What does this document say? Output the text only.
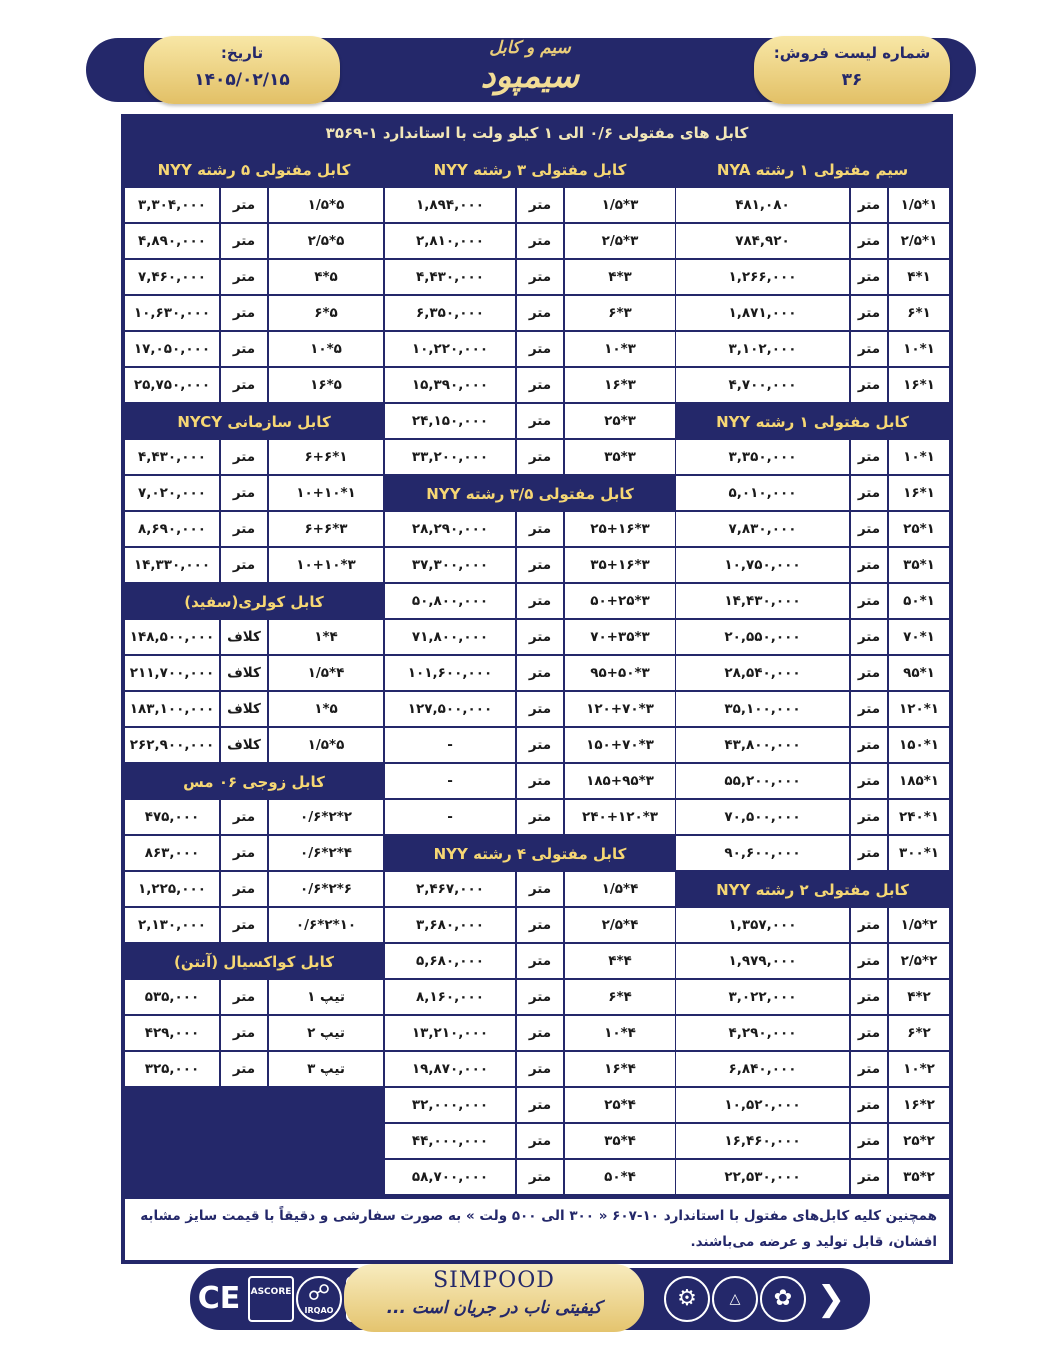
تاریخ:
۱۴۰۵/۰۲/۱۵
سیم و کابل
سیمپود
شماره لیست فروش:
۳۶
کابل های مفتولی ۰/۶ الی ۱ کیلو ولت با استاندارد ۱-۳۵۶۹
سیم مفتولی ۱ رشته NYA
۱*۱/۵
متر
۴۸۱,۰۸۰
۱*۲/۵
متر
۷۸۴,۹۲۰
۱*۴
متر
۱,۲۶۶,۰۰۰
۱*۶
متر
۱,۸۷۱,۰۰۰
۱*۱۰
متر
۳,۱۰۲,۰۰۰
۱*۱۶
متر
۴,۷۰۰,۰۰۰
کابل مفتولی ۱ رشته NYY
۱*۱۰
متر
۳,۳۵۰,۰۰۰
۱*۱۶
متر
۵,۰۱۰,۰۰۰
۱*۲۵
متر
۷,۸۳۰,۰۰۰
۱*۳۵
متر
۱۰,۷۵۰,۰۰۰
۱*۵۰
متر
۱۴,۴۳۰,۰۰۰
۱*۷۰
متر
۲۰,۵۵۰,۰۰۰
۱*۹۵
متر
۲۸,۵۴۰,۰۰۰
۱*۱۲۰
متر
۳۵,۱۰۰,۰۰۰
۱*۱۵۰
متر
۴۳,۸۰۰,۰۰۰
۱*۱۸۵
متر
۵۵,۲۰۰,۰۰۰
۱*۲۴۰
متر
۷۰,۵۰۰,۰۰۰
۱*۳۰۰
متر
۹۰,۶۰۰,۰۰۰
کابل مفتولی ۲ رشته NYY
۲*۱/۵
متر
۱,۳۵۷,۰۰۰
۲*۲/۵
متر
۱,۹۷۹,۰۰۰
۲*۴
متر
۳,۰۲۲,۰۰۰
۲*۶
متر
۴,۲۹۰,۰۰۰
۲*۱۰
متر
۶,۸۴۰,۰۰۰
۲*۱۶
متر
۱۰,۵۲۰,۰۰۰
۲*۲۵
متر
۱۶,۴۶۰,۰۰۰
۲*۳۵
متر
۲۲,۵۳۰,۰۰۰
کابل مفتولی ۳ رشته NYY
۳*۱/۵
متر
۱,۸۹۴,۰۰۰
۳*۲/۵
متر
۲,۸۱۰,۰۰۰
۳*۴
متر
۴,۴۳۰,۰۰۰
۳*۶
متر
۶,۳۵۰,۰۰۰
۳*۱۰
متر
۱۰,۲۲۰,۰۰۰
۳*۱۶
متر
۱۵,۳۹۰,۰۰۰
۳*۲۵
متر
۲۴,۱۵۰,۰۰۰
۳*۳۵
متر
۳۳,۲۰۰,۰۰۰
کابل مفتولی ۳/۵ رشته NYY
۳*۲۵+۱۶
متر
۲۸,۲۹۰,۰۰۰
۳*۳۵+۱۶
متر
۳۷,۳۰۰,۰۰۰
۳*۵۰+۲۵
متر
۵۰,۸۰۰,۰۰۰
۳*۷۰+۳۵
متر
۷۱,۸۰۰,۰۰۰
۳*۹۵+۵۰
متر
۱۰۱,۶۰۰,۰۰۰
۳*۱۲۰+۷۰
متر
۱۲۷,۵۰۰,۰۰۰
۳*۱۵۰+۷۰
متر
-
۳*۱۸۵+۹۵
متر
-
۳*۲۴۰+۱۲۰
متر
-
کابل مفتولی ۴ رشته NYY
۴*۱/۵
متر
۲,۴۶۷,۰۰۰
۴*۲/۵
متر
۳,۶۸۰,۰۰۰
۴*۴
متر
۵,۶۸۰,۰۰۰
۴*۶
متر
۸,۱۶۰,۰۰۰
۴*۱۰
متر
۱۳,۲۱۰,۰۰۰
۴*۱۶
متر
۱۹,۸۷۰,۰۰۰
۴*۲۵
متر
۳۲,۰۰۰,۰۰۰
۴*۳۵
متر
۴۴,۰۰۰,۰۰۰
۴*۵۰
متر
۵۸,۷۰۰,۰۰۰
کابل مفتولی ۵ رشته NYY
۵*۱/۵
متر
۳,۳۰۴,۰۰۰
۵*۲/۵
متر
۴,۸۹۰,۰۰۰
۵*۴
متر
۷,۴۶۰,۰۰۰
۵*۶
متر
۱۰,۶۳۰,۰۰۰
۵*۱۰
متر
۱۷,۰۵۰,۰۰۰
۵*۱۶
متر
۲۵,۷۵۰,۰۰۰
کابل سازمانی NYCY
۱*۶+۶
متر
۴,۴۳۰,۰۰۰
۱*۱۰+۱۰
متر
۷,۰۲۰,۰۰۰
۳*۶+۶
متر
۸,۶۹۰,۰۰۰
۳*۱۰+۱۰
متر
۱۴,۳۳۰,۰۰۰
کابل کولری(سفید)
۴*۱
کلاف
۱۴۸,۵۰۰,۰۰۰
۴*۱/۵
کلاف
۲۱۱,۷۰۰,۰۰۰
۵*۱
کلاف
۱۸۳,۱۰۰,۰۰۰
۵*۱/۵
کلاف
۲۶۲,۹۰۰,۰۰۰
کابل زوجی ۰۶ مس
۲*۲*۰/۶
متر
۴۷۵,۰۰۰
۴*۲*۰/۶
متر
۸۶۳,۰۰۰
۶*۲*۰/۶
متر
۱,۲۲۵,۰۰۰
۱۰*۲*۰/۶
متر
۲,۱۳۰,۰۰۰
کابل کواکسیال (آنتن)
تیپ ۱
متر
۵۳۵,۰۰۰
تیپ ۲
متر
۴۲۹,۰۰۰
تیپ ۳
متر
۳۲۵,۰۰۰
همچنین کلیه کابل‌های مفتول با استاندارد ۱۰-۶۰۷ « ۳۰۰ الی ۵۰۰ ولت » به صورت سفارشی و دقیقاً با قیمت سایز مشابه افشان، قابل تولید و عرضه می‌باشند.
CE ASCORE ☍
IRQAO
SIMPOOD
کیفیتی ناب در جریان است ...	⚙	△	✿ ❯
